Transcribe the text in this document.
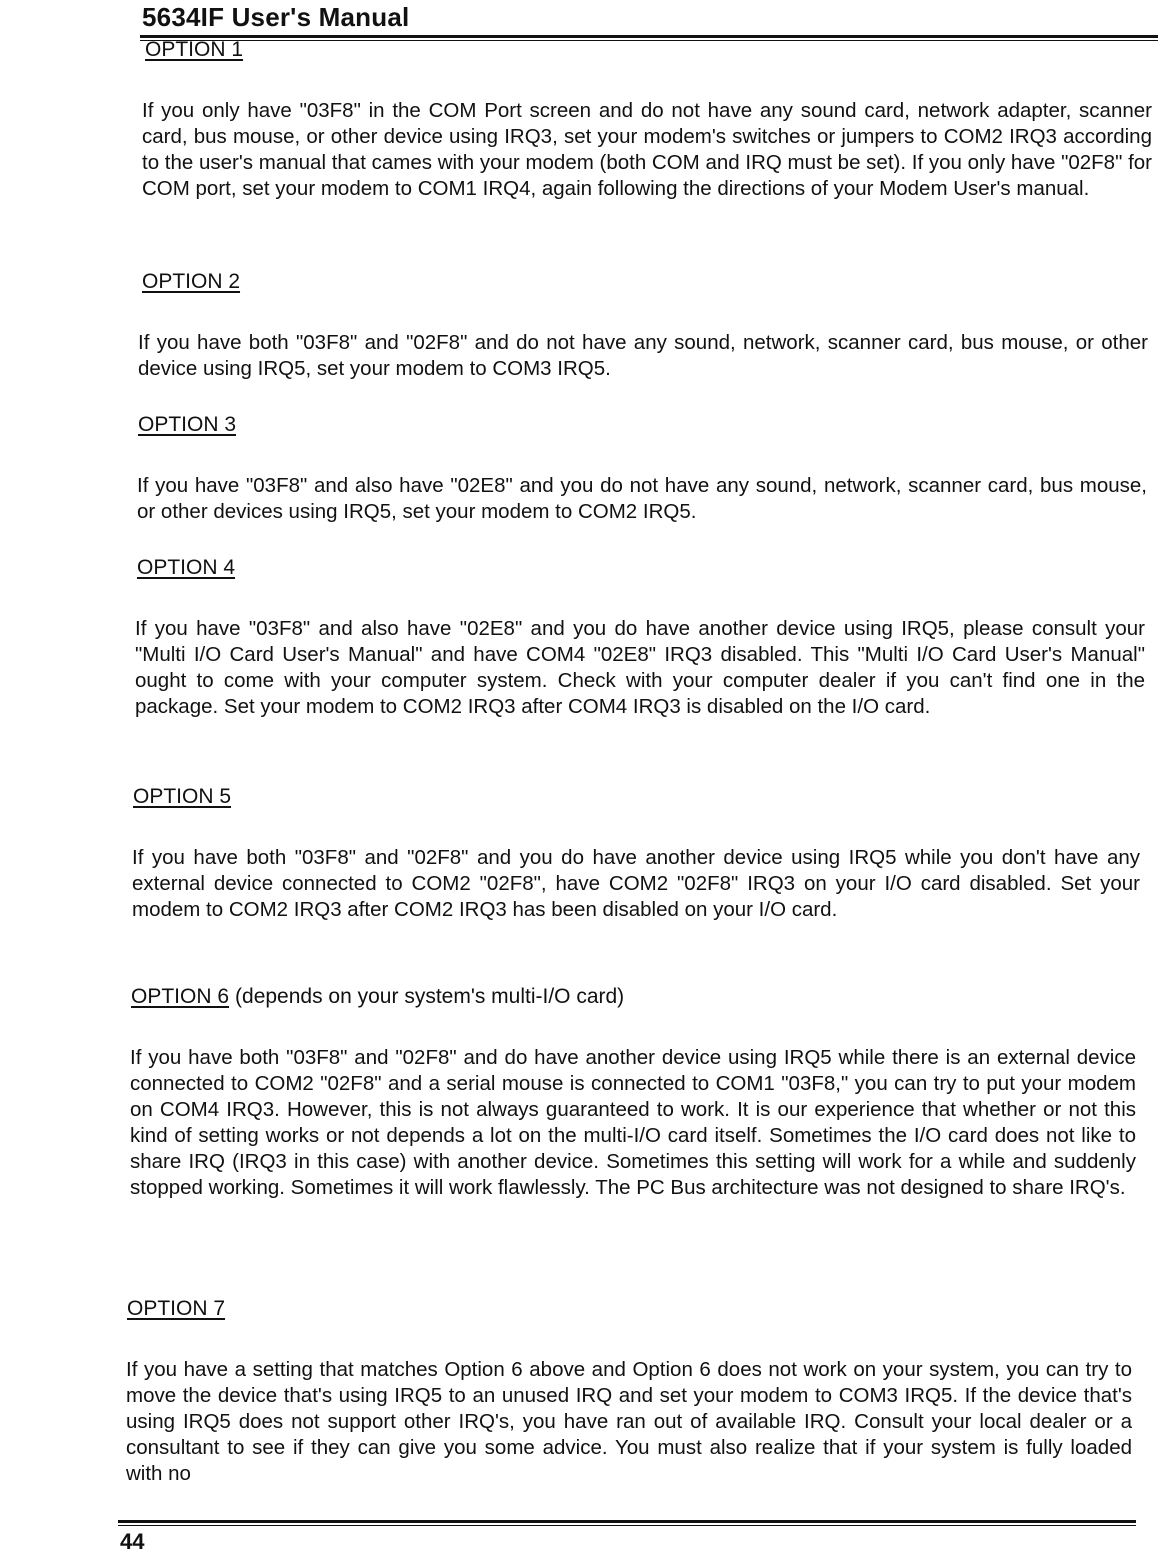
5634IF User's Manual
OPTION 1

If you only have "03F8" in the COM Port screen and do not have any sound card, network adapter, scanner card, bus mouse, or other device using IRQ3, set your modem's switches or jumpers to COM2 IRQ3 according to the user's manual that cames with your modem (both COM and IRQ must be set). If you only have "02F8" for COM port, set your modem to COM1 IRQ4, again following the directions of your Modem User's manual.

OPTION 2

If you have both "03F8" and "02F8" and do not have any sound, network, scanner card, bus mouse, or other device using IRQ5, set your modem to COM3 IRQ5.

OPTION 3

If you have "03F8" and also have "02E8" and you do not have any sound, network, scanner card, bus mouse, or other devices using IRQ5, set your modem to COM2 IRQ5.

OPTION 4

If you have "03F8" and also have "02E8" and you do have another device using IRQ5, please consult your "Multi I/O Card User's Manual" and have COM4 "02E8" IRQ3 disabled. This "Multi I/O Card User's Manual" ought to come with your computer system. Check with your computer dealer if you can't find one in the package. Set your modem to COM2 IRQ3 after COM4 IRQ3 is disabled on the I/O card.

OPTION 5

If you have both "03F8" and "02F8" and you do have another device using IRQ5 while you don't have any external device connected to COM2 "02F8", have COM2 "02F8" IRQ3 on your I/O card disabled. Set your modem to COM2 IRQ3 after COM2 IRQ3 has been disabled on your I/O card.

OPTION 6 (depends on your system's multi-I/O card)

If you have both "03F8" and "02F8" and do have another device using IRQ5 while there is an external device connected to COM2 "02F8" and a serial mouse is connected to COM1 "03F8," you can try to put your modem on COM4 IRQ3. However, this is not always guaranteed to work. It is our experience that whether or not this kind of setting works or not depends a lot on the multi-I/O card itself. Sometimes the I/O card does not like to share IRQ (IRQ3 in this case) with another device. Sometimes this setting will work for a while and suddenly stopped working. Sometimes it will work flawlessly. The PC Bus architecture was not designed to share IRQ's.

OPTION 7

If you have a setting that matches Option 6 above and Option 6 does not work on your system, you can try to move the device that's using IRQ5 to an unused IRQ and set your modem to COM3 IRQ5. If the device that's using IRQ5 does not support other IRQ's, you have ran out of available IRQ. Consult your local dealer or a consultant to see if they can give you some advice. You must also realize that if your system is fully loaded with no

44
